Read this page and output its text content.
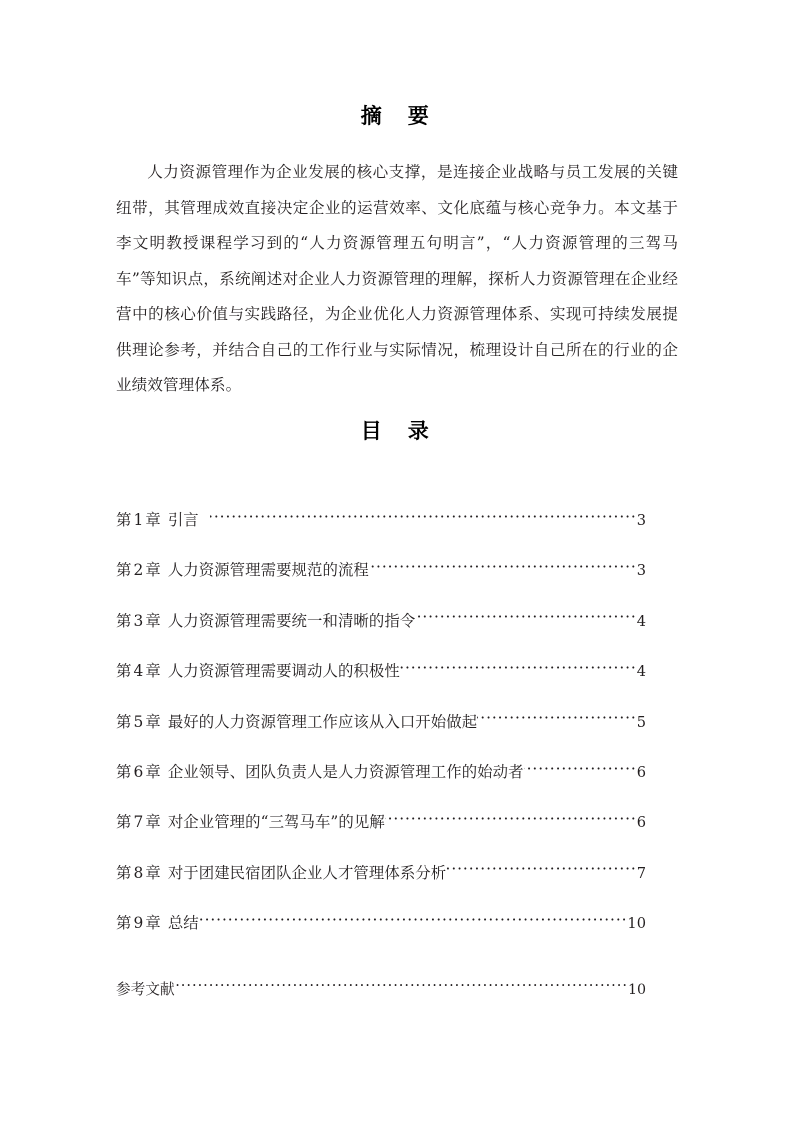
摘　要
人力资源管理作为企业发展的核心支撑，是连接企业战略与员工发展的关键纽带，其管理成效直接决定企业的运营效率、文化底蕴与核心竞争力。本文基于李文明教授课程学习到的“人力资源管理五句明言”，“人力资源管理的三驾马车”等知识点，系统阐述对企业人力资源管理的理解，探析人力资源管理在企业经营中的核心价值与实践路径，为企业优化人力资源管理体系、实现可持续发展提供理论参考，并结合自己的工作行业与实际情况，梳理设计自己所在的行业的企业绩效管理体系。
目　录
第 1 章 引言 ·····	3
第 2 章 人力资源管理需要规范的流程 ·····	3
第 3 章 人力资源管理需要统一和清晰的指令 ·····	4
第 4 章 人力资源管理需要调动人的积极性 ·····	4
第 5 章 最好的人力资源管理工作应该从入口开始做起 ·····	5
第 6 章 企业领导、团队负责人是人力资源管理工作的始动者 ·····	6
第 7 章 对企业管理的“三驾马车”的见解 ·····	6
第 8 章 对于团建民宿团队企业人才管理体系分析 ·····	7
第 9 章 总结 ·····	10
参考文献 ·····	10
